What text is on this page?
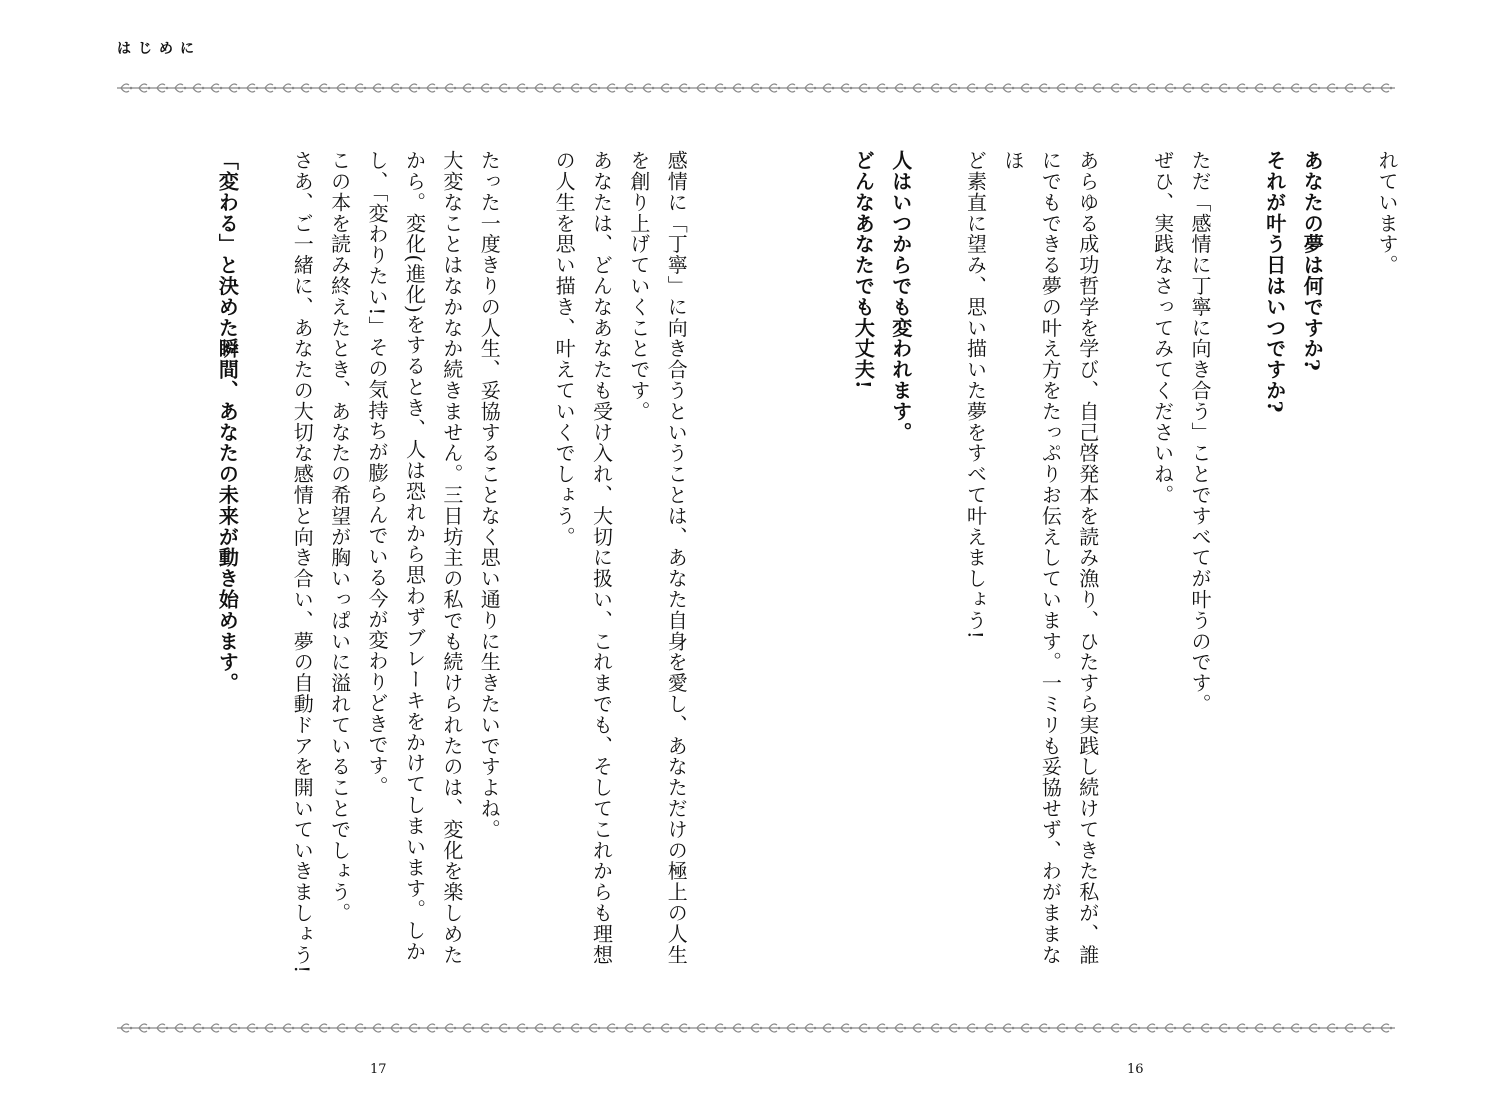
はじめに

れています。

あなたの夢は何ですか?

それが叶う日はいつですか?

ただ「感情に丁寧に向き合う」ことですべてが叶うのです。

ぜひ、実践なさってみてくださいね。

あらゆる成功哲学を学び、自己啓発本を読み漁り、ひたすら実践し続けてきた私が、誰

にでもできる夢の叶え方をたっぷりお伝えしています。一ミリも妥協せず、わがままなほ

ど素直に望み、思い描いた夢をすべて叶えましょう!

人はいつからでも変われます。

どんなあなたでも大丈夫!

感情に「丁寧」に向き合うということは、あなた自身を愛し、あなただけの極上の人生

を創り上げていくことです。

あなたは、どんなあなたも受け入れ、大切に扱い、これまでも、そしてこれからも理想

の人生を思い描き、叶えていくでしょう。

たった一度きりの人生、妥協することなく思い通りに生きたいですよね。

大変なことはなかなか続きません。三日坊主の私でも続けられたのは、変化を楽しめた

から。変化(進化)をするとき、人は恐れから思わずブレーキをかけてしまいます。しか

し、「変わりたい!」その気持ちが膨らんでいる今が変わりどきです。

この本を読み終えたとき、あなたの希望が胸いっぱいに溢れていることでしょう。

さあ、ご一緒に、あなたの大切な感情と向き合い、夢の自動ドアを開いていきましょう!

「変わる」と決めた瞬間、あなたの未来が動き始めます。

17	16
